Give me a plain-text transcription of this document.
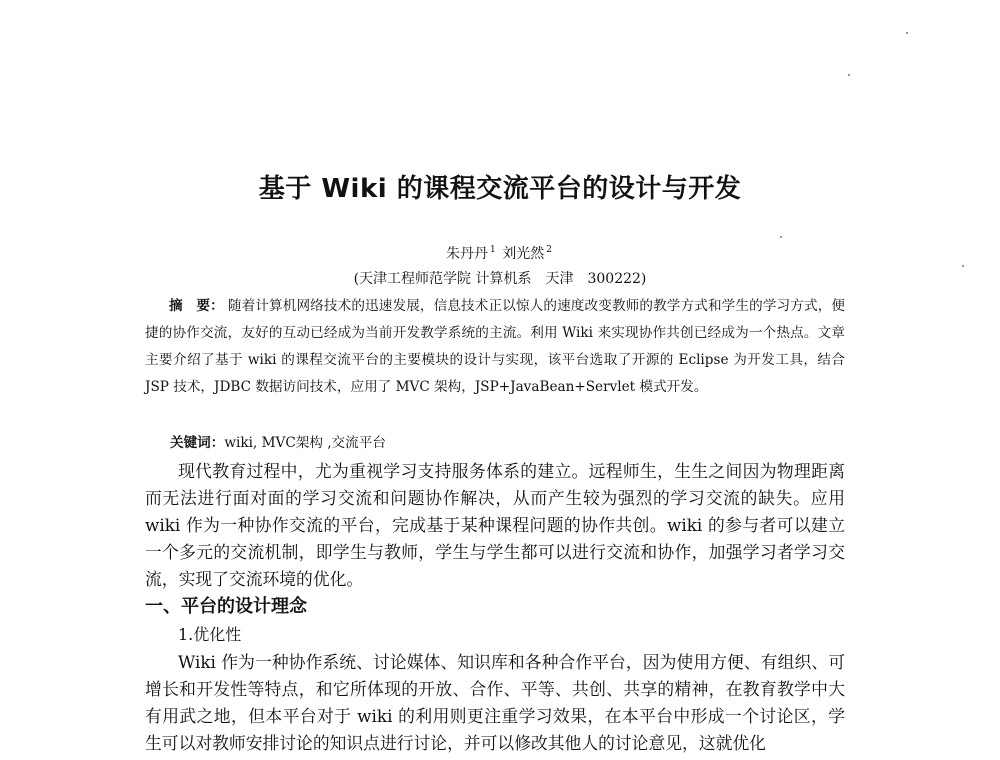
基于 Wiki 的课程交流平台的设计与开发
朱丹丹 $^1$ 刘光然 $^2$
(天津工程师范学院 计算机系　天津　300222)
摘　要： 随着计算机网络技术的迅速发展，信息技术正以惊人的速度改变教师的教学方式和学生的学习方式，便捷的协作交流，友好的互动已经成为当前开发教学系统的主流。利用 Wiki 来实现协作共创已经成为一个热点。文章主要介绍了基于 wiki 的课程交流平台的主要模块的设计与实现，该平台选取了开源的 Eclipse 为开发工具，结合 JSP 技术，JDBC 数据访问技术，应用了 MVC 架构，JSP+JavaBean+Servlet 模式开发。
关键词：wiki, MVC架构 ,交流平台
现代教育过程中，尤为重视学习支持服务体系的建立。远程师生，生生之间因为物理距离而无法进行面对面的学习交流和问题协作解决，从而产生较为强烈的学习交流的缺失。应用 wiki 作为一种协作交流的平台，完成基于某种课程问题的协作共创。wiki 的参与者可以建立一个多元的交流机制，即学生与教师，学生与学生都可以进行交流和协作，加强学习者学习交流，实现了交流环境的优化。
一、平台的设计理念
1.优化性
Wiki 作为一种协作系统、讨论媒体、知识库和各种合作平台，因为使用方便、有组织、可增长和开发性等特点，和它所体现的开放、合作、平等、共创、共享的精神，在教育教学中大有用武之地，但本平台对于 wiki 的利用则更注重学习效果，在本平台中形成一个讨论区，学生可以对教师安排讨论的知识点进行讨论，并可以修改其他人的讨论意见，这就优化
